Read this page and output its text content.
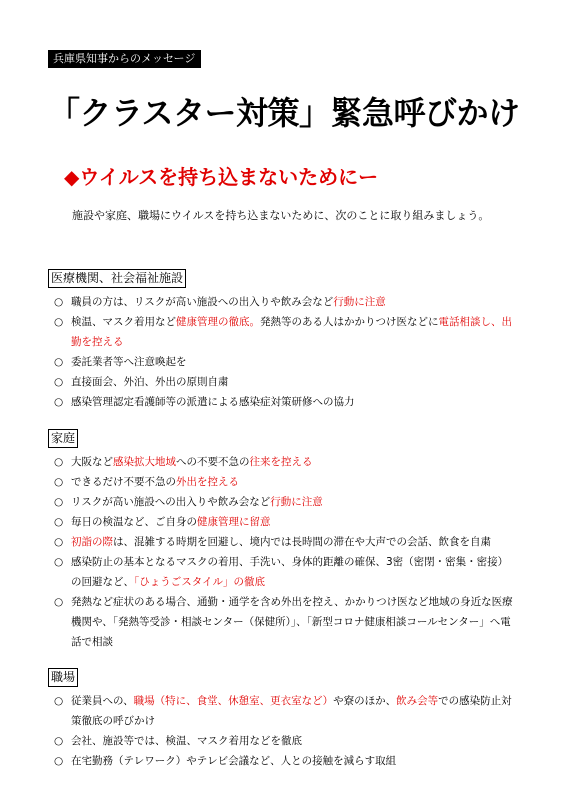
兵庫県知事からのメッセージ
「クラスター対策」緊急呼びかけ
◆ウイルスを持ち込まないためにー

施設や家庭、職場にウイルスを持ち込まないために、次のことに取り組みましょう。

医療機関、社会福祉施設
○ 職員の方は、リスクが高い施設への出入りや飲み会など行動に注意
○ 検温、マスク着用など健康管理の徹底。発熱等のある人はかかりつけ医などに電話相談し、出勤を控える
○ 委託業者等へ注意喚起を
○ 直接面会、外泊、外出の原則自粛
○ 感染管理認定看護師等の派遣による感染症対策研修への協力
家庭
○ 大阪など感染拡大地域への不要不急の往来を控える
○ できるだけ不要不急の外出を控える
○ リスクが高い施設への出入りや飲み会など行動に注意
○ 毎日の検温など、ご自身の健康管理に留意
○ 初詣の際は、混雑する時期を回避し、境内では長時間の滞在や大声での会話、飲食を自粛
○ 感染防止の基本となるマスクの着用、手洗い、身体的距離の確保、3密（密閉・密集・密接）の回避など、「ひょうごスタイル」の徹底
○ 発熱など症状のある場合、通勤・通学を含め外出を控え、かかりつけ医など地域の身近な医療機関や、「発熱等受診・相談センター（保健所）」、「新型コロナ健康相談コールセンター」へ電話で相談
職場
○ 従業員への、職場（特に、食堂、休憩室、更衣室など）や寮のほか、飲み会等での感染防止対策徹底の呼びかけ
○ 会社、施設等では、検温、マスク着用などを徹底
○ 在宅勤務（テレワーク）やテレビ会議など、人との接触を減らす取組
